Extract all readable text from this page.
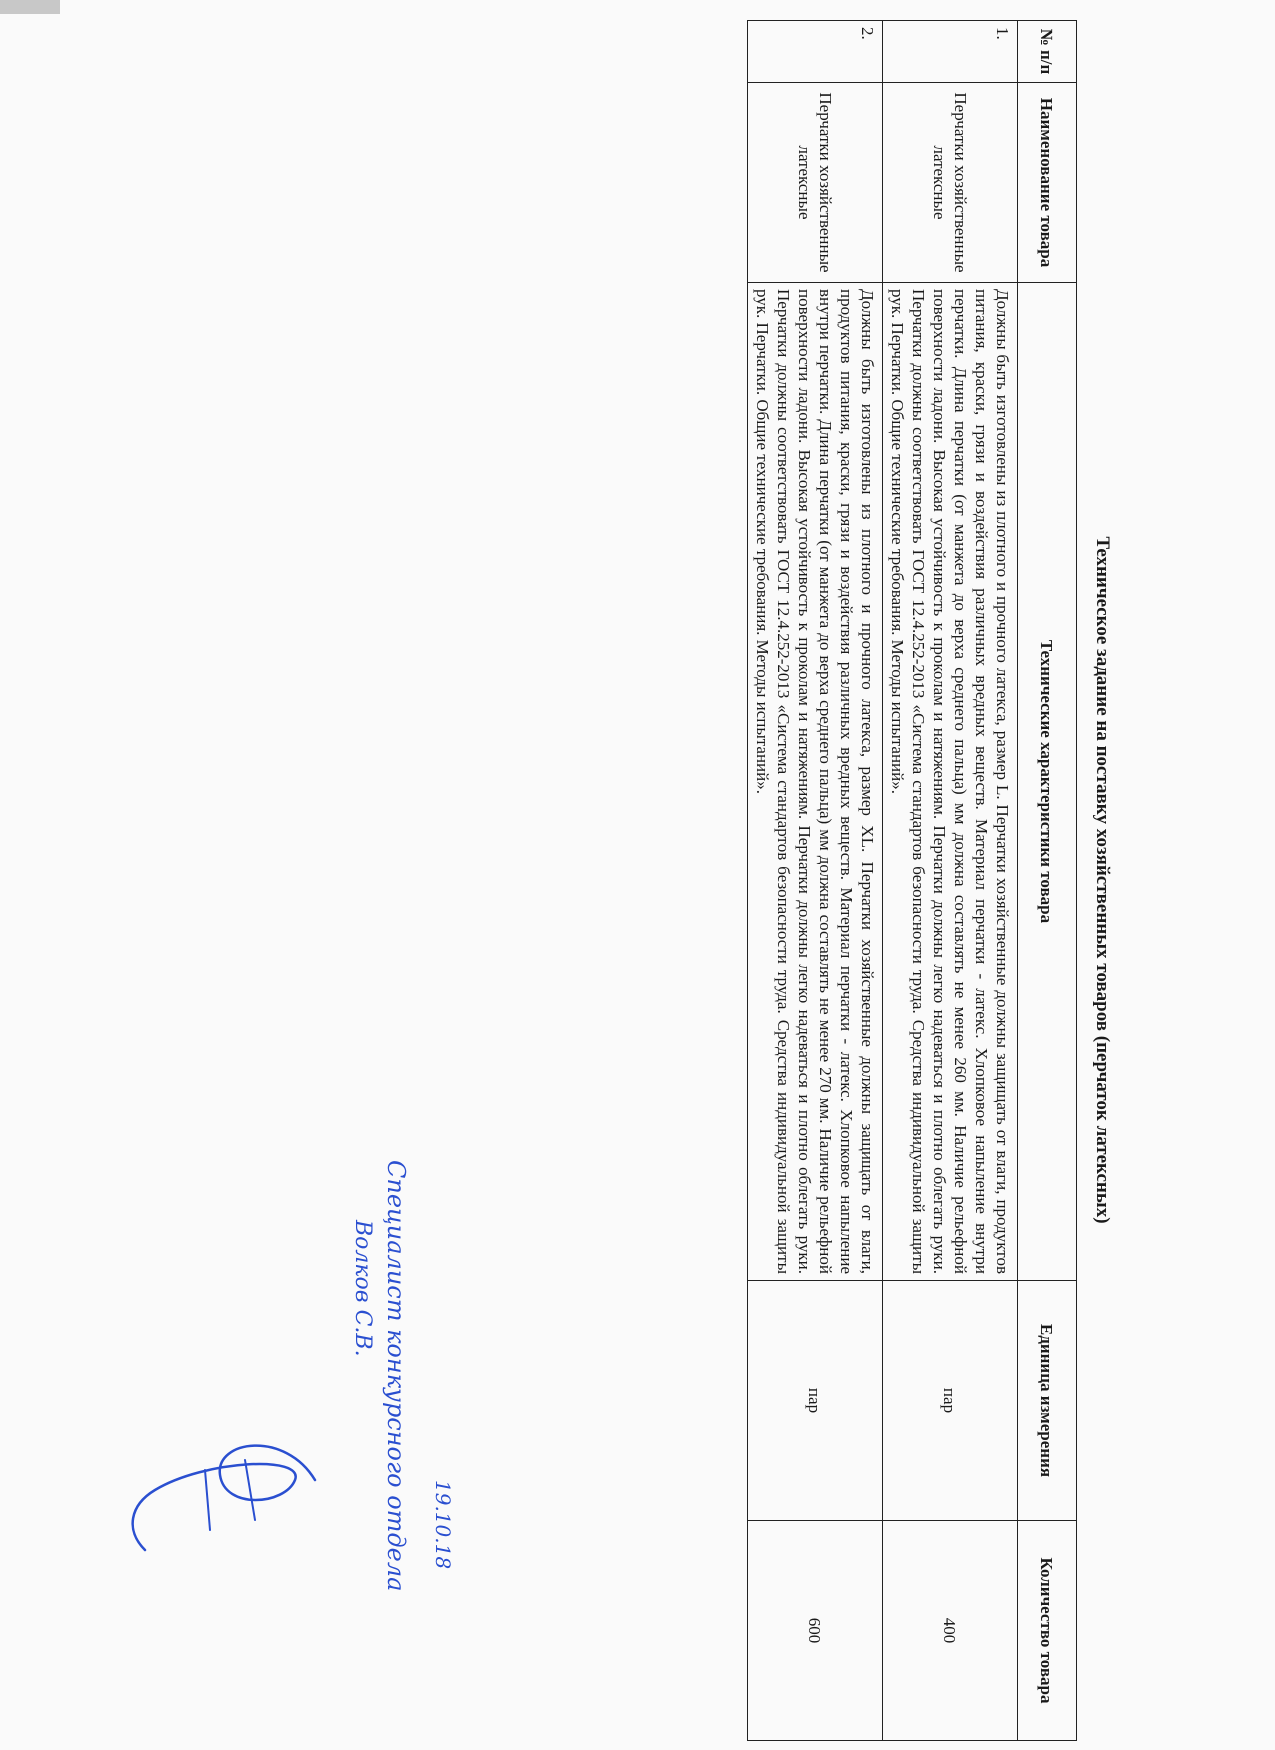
Техническое задание на поставку хозяйственных товаров (перчаток латексных)
№ п/п	Наименование товара	Технические характеристики товара	Единица измерения	Количество товара
1.	Перчатки хозяйственные латексные	Должны быть изготовлены из плотного и прочного латекса, размер L. Перчатки хозяйственные должны защищать от влаги, продуктов питания, краски, грязи и воздействия различных вредных веществ. Материал перчатки - латекс. Хлопковое напыление внутри перчатки. Длина перчатки (от манжета до верха среднего пальца) мм должна составлять не менее 260 мм. Наличие рельефной поверхности ладони. Высокая устойчивость к проколам и натяжениям. Перчатки должны легко надеваться и плотно облегать руки. Перчатки должны соответствовать ГОСТ 12.4.252-2013 «Система стандартов безопасности труда. Средства индивидуальной защиты рук. Перчатки. Общие технические требования. Методы испытаний».	пар	400
2.	Перчатки хозяйственные латексные	Должны быть изготовлены из плотного и прочного латекса, размер XL. Перчатки хозяйственные должны защищать от влаги, продуктов питания, краски, грязи и воздействия различных вредных веществ. Материал перчатки - латекс. Хлопковое напыление внутри перчатки. Длина перчатки (от манжета до верха среднего пальца) мм должна составлять не менее 270 мм. Наличие рельефной поверхности ладони. Высокая устойчивость к проколам и натяжениям. Перчатки должны легко надеваться и плотно облегать руки. Перчатки должны соответствовать ГОСТ 12.4.252-2013 «Система стандартов безопасности труда. Средства индивидуальной защиты рук. Перчатки. Общие технические требования. Методы испытаний».	пар	600
19.10.18
Специалист конкурсного отдела
Волков С.В.
